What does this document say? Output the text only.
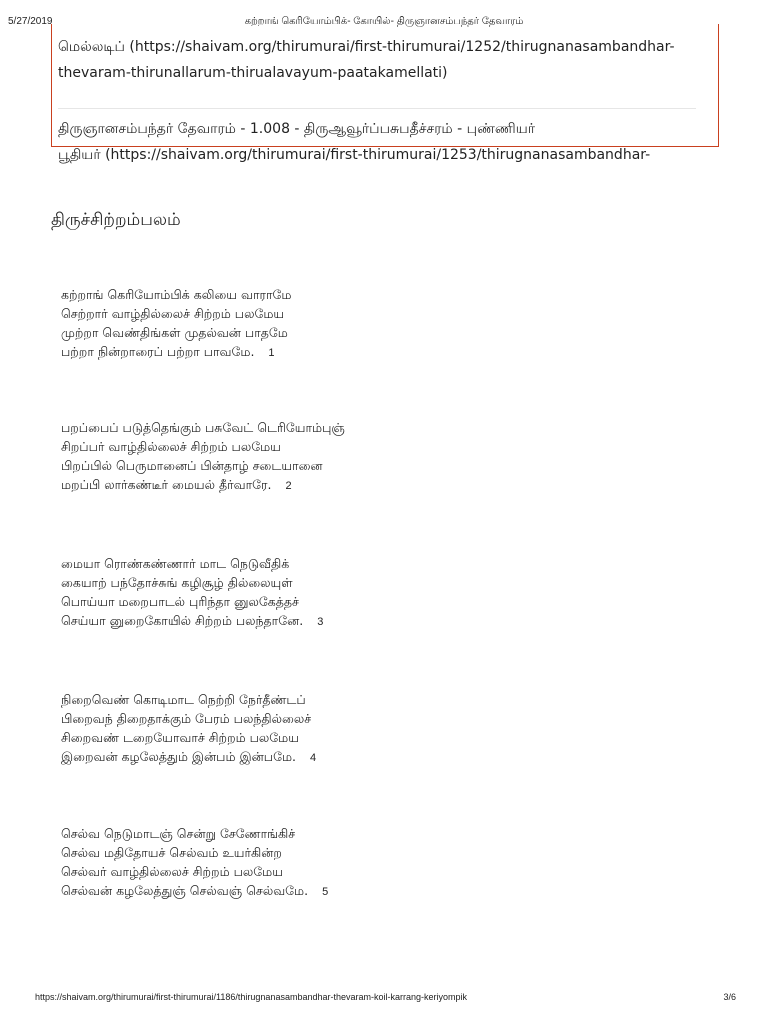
5/27/2019	கற்றாங் கெரியோம்பிக்- கோயில்- திருஞானசம்பந்தர் தேவாரம்
மெல்லடிப் (https://shaivam.org/thirumurai/first-thirumurai/1252/thirugnanasambandhar-
thevaram-thirunallarum-thirualavayum-paatakamellati)
திருஞானசம்பந்தர் தேவாரம் - 1.008 - திருஆவூர்ப்பசுபதீச்சரம் - புண்ணியர்
பூதியர் (https://shaivam.org/thirumurai/first-thirumurai/1253/thirugnanasambandhar-
திருச்சிற்றம்பலம்
கற்றாங் கெரியோம்பிக் கலியை வாராமே
செற்றார் வாழ்தில்லைச் சிற்றம் பலமேய
முற்றா வெண்திங்கள் முதல்வன் பாதமே
பற்றா நின்றாரைப் பற்றா பாவமே. 1
பறப்பைப் படுத்தெங்கும் பசுவேட் டெரியோம்புஞ்
சிறப்பர் வாழ்தில்லைச் சிற்றம் பலமேய
பிறப்பில் பெருமானைப் பின்தாழ் சடையானை
மறப்பி லார்கண்டீர் மையல் தீர்வாரே. 2
மையா ரொண்கண்ணார் மாட நெடுவீதிக்
கையாற் பந்தோச்சுங் கழிசூழ் தில்லையுள்
பொய்யா மறைபாடல் புரிந்தா னுலகேத்தச்
செய்யா னுறைகோயில் சிற்றம் பலந்தானே. 3
நிறைவெண் கொடிமாட நெற்றி நேர்தீண்டப்
பிறைவந் திறைதாக்கும் பேரம் பலந்தில்லைச்
சிறைவண் டறையோவாச் சிற்றம் பலமேய
இறைவன் கழலேத்தும் இன்பம் இன்பமே. 4
செல்வ நெடுமாடஞ் சென்று சேணோங்கிச்
செல்வ மதிதோயச் செல்வம் உயர்கின்ற
செல்வர் வாழ்தில்லைச் சிற்றம் பலமேய
செல்வன் கழலேத்துஞ் செல்வஞ் செல்வமே. 5
https://shaivam.org/thirumurai/first-thirumurai/1186/thirugnanasambandhar-thevaram-koil-karrang-keriyompik	3/6
